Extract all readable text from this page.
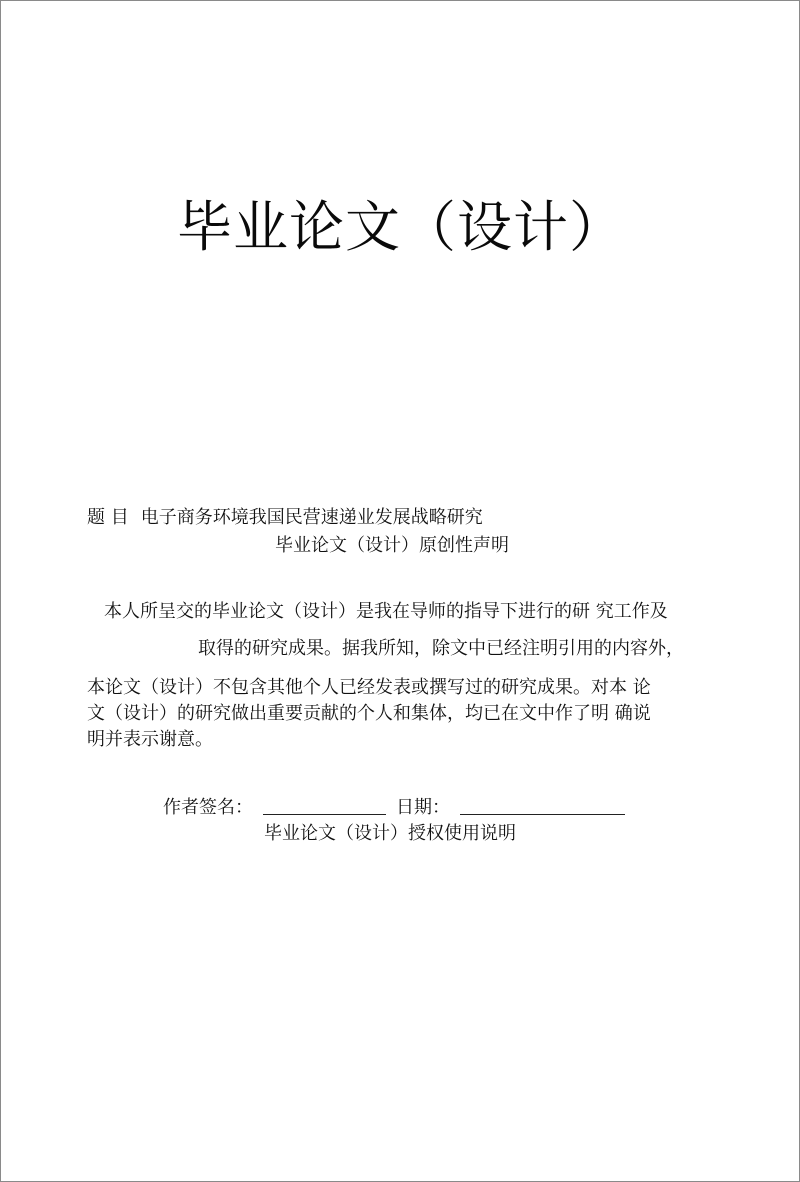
毕业论文（设计）
题 目 电子商务环境我国民营速递业发展战略研究
毕业论文（设计）原创性声明
本人所呈交的毕业论文（设计）是我在导师的指导下进行的研 究工作及
取得的研究成果。据我所知，除文中已经注明引用的内容外，
本论文（设计）不包含其他个人已经发表或撰写过的研究成果。对本 论
文（设计）的研究做出重要贡献的个人和集体，均已在文中作了明 确说
明并表示谢意。
作者签名：	日期：
毕业论文（设计）授权使用说明
